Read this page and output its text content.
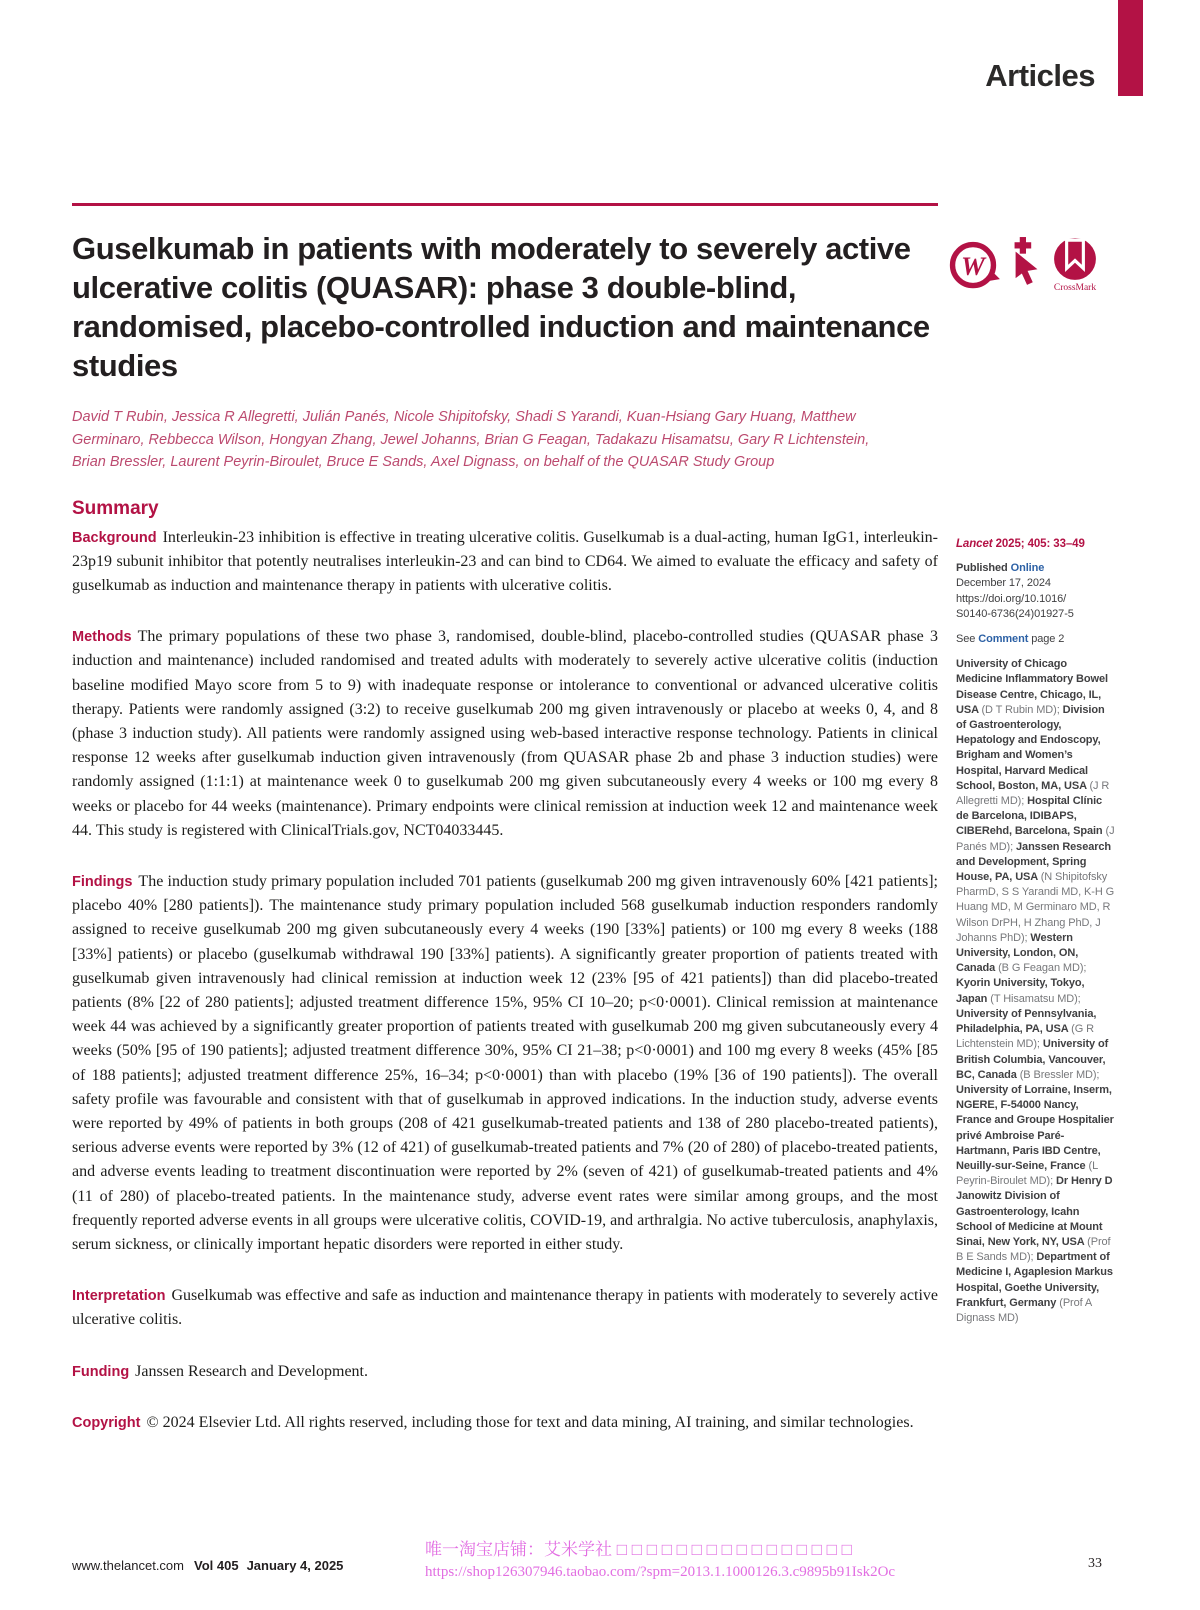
Articles
W
CrossMark
Guselkumab in patients with moderately to severely active ulcerative colitis (QUASAR): phase 3 double-blind, randomised, placebo-controlled induction and maintenance studies

David T Rubin, Jessica R Allegretti, Julián Panés, Nicole Shipitofsky, Shadi S Yarandi, Kuan-Hsiang Gary Huang, Matthew Germinaro, Rebbecca Wilson, Hongyan Zhang, Jewel Johanns, Brian G Feagan, Tadakazu Hisamatsu, Gary R Lichtenstein, Brian Bressler, Laurent Peyrin-Biroulet, Bruce E Sands, Axel Dignass, on behalf of the QUASAR Study Group

Summary

Background Interleukin-23 inhibition is effective in treating ulcerative colitis. Guselkumab is a dual-acting, human IgG1, interleukin-23p19 subunit inhibitor that potently neutralises interleukin-23 and can bind to CD64. We aimed to evaluate the efficacy and safety of guselkumab as induction and maintenance therapy in patients with ulcerative colitis.

Methods The primary populations of these two phase 3, randomised, double-blind, placebo-controlled studies (QUASAR phase 3 induction and maintenance) included randomised and treated adults with moderately to severely active ulcerative colitis (induction baseline modified Mayo score from 5 to 9) with inadequate response or intolerance to conventional or advanced ulcerative colitis therapy. Patients were randomly assigned (3:2) to receive guselkumab 200 mg given intravenously or placebo at weeks 0, 4, and 8 (phase 3 induction study). All patients were randomly assigned using web-based interactive response technology. Patients in clinical response 12 weeks after guselkumab induction given intravenously (from QUASAR phase 2b and phase 3 induction studies) were randomly assigned (1:1:1) at maintenance week 0 to guselkumab 200 mg given subcutaneously every 4 weeks or 100 mg every 8 weeks or placebo for 44 weeks (maintenance). Primary endpoints were clinical remission at induction week 12 and maintenance week 44. This study is registered with ClinicalTrials.gov, NCT04033445.

Findings The induction study primary population included 701 patients (guselkumab 200 mg given intravenously 60% [421 patients]; placebo 40% [280 patients]). The maintenance study primary population included 568 guselkumab induction responders randomly assigned to receive guselkumab 200 mg given subcutaneously every 4 weeks (190 [33%] patients) or 100 mg every 8 weeks (188 [33%] patients) or placebo (guselkumab withdrawal 190 [33%] patients). A significantly greater proportion of patients treated with guselkumab given intravenously had clinical remission at induction week 12 (23% [95 of 421 patients]) than did placebo-treated patients (8% [22 of 280 patients]; adjusted treatment difference 15%, 95% CI 10–20; p<0·0001). Clinical remission at maintenance week 44 was achieved by a significantly greater proportion of patients treated with guselkumab 200 mg given subcutaneously every 4 weeks (50% [95 of 190 patients]; adjusted treatment difference 30%, 95% CI 21–38; p<0·0001) and 100 mg every 8 weeks (45% [85 of 188 patients]; adjusted treatment difference 25%, 16–34; p<0·0001) than with placebo (19% [36 of 190 patients]). The overall safety profile was favourable and consistent with that of guselkumab in approved indications. In the induction study, adverse events were reported by 49% of patients in both groups (208 of 421 guselkumab-treated patients and 138 of 280 placebo-treated patients), serious adverse events were reported by 3% (12 of 421) of guselkumab-treated patients and 7% (20 of 280) of placebo-treated patients, and adverse events leading to treatment discontinuation were reported by 2% (seven of 421) of guselkumab-treated patients and 4% (11 of 280) of placebo-treated patients. In the maintenance study, adverse event rates were similar among groups, and the most frequently reported adverse events in all groups were ulcerative colitis, COVID-19, and arthralgia. No active tuberculosis, anaphylaxis, serum sickness, or clinically important hepatic disorders were reported in either study.

Interpretation Guselkumab was effective and safe as induction and maintenance therapy in patients with moderately to severely active ulcerative colitis.

Funding Janssen Research and Development.

Copyright © 2024 Elsevier Ltd. All rights reserved, including those for text and data mining, AI training, and similar technologies.

Lancet 2025; 405: 33–49

Published Online
December 17, 2024
https://doi.org/10.1016/
S0140-6736(24)01927-5

See Comment page 2

University of Chicago Medicine Inflammatory Bowel Disease Centre, Chicago, IL, USA (D T Rubin MD); Division of Gastroenterology, Hepatology and Endoscopy, Brigham and Women’s Hospital, Harvard Medical School, Boston, MA, USA (J R Allegretti MD); Hospital Clínic de Barcelona, IDIBAPS, CIBERehd, Barcelona, Spain (J Panés MD); Janssen Research and Development, Spring House, PA, USA (N Shipitofsky PharmD, S S Yarandi MD, K-H G Huang MD, M Germinaro MD, R Wilson DrPH, H Zhang PhD, J Johanns PhD); Western University, London, ON, Canada (B G Feagan MD); Kyorin University, Tokyo, Japan (T Hisamatsu MD); University of Pennsylvania, Philadelphia, PA, USA (G R Lichtenstein MD); University of British Columbia, Vancouver, BC, Canada (B Bressler MD); University of Lorraine, Inserm, NGERE, F-54000 Nancy, France and Groupe Hospitalier privé Ambroise Paré-Hartmann, Paris IBD Centre, Neuilly-sur-Seine, France (L Peyrin-Biroulet MD); Dr Henry D Janowitz Division of Gastroenterology, Icahn School of Medicine at Mount Sinai, New York, NY, USA (Prof B E Sands MD); Department of Medicine I, Agaplesion Markus Hospital, Goethe University, Frankfurt, Germany (Prof A Dignass MD)

www.thelancet.com Vol 405 January 4, 2025
唯一淘宝店铺：艾米学社 □ □ □ □ □ □ □ □ □ □ □ □ □ □ □ □
https://shop126307946.taobao.com/?spm=2013.1.1000126.3.c9895b91Isk2Oc
33
